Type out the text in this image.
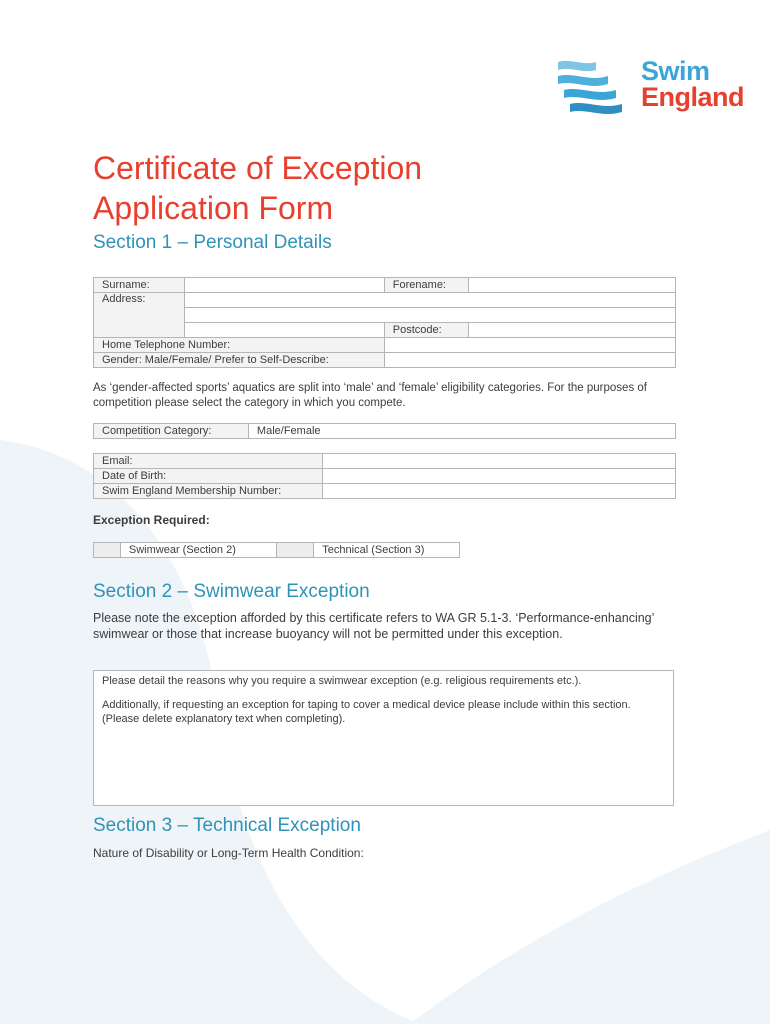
Swim
England
Certificate of Exception
Application Form
Section 1 – Personal Details
Surname:		Forename:	
Address:			

		Postcode:	
Home Telephone Number:			
Gender: Male/Female/ Prefer to Self-Describe:			

As ‘gender-affected sports’ aquatics are split into ‘male’ and ‘female’ eligibility categories. For the purposes of competition please select the category in which you compete.

Competition Category:	Male/Female
Email:	
Date of Birth:	
Swim England Membership Number:	

Exception Required:

	Swimwear (Section 2)		Technical (Section 3)
Section 2 – Swimwear Exception

Please note the exception afforded by this certificate refers to WA GR 5.1-3. ‘Performance-enhancing’ swimwear or those that increase buoyancy will not be permitted under this exception.

Please detail the reasons why you require a swimwear exception (e.g. religious requirements etc.).

Additionally, if requesting an exception for taping to cover a medical device please include within this section. (Please delete explanatory text when completing).

Section 3 – Technical Exception

Nature of Disability or Long-Term Health Condition:
